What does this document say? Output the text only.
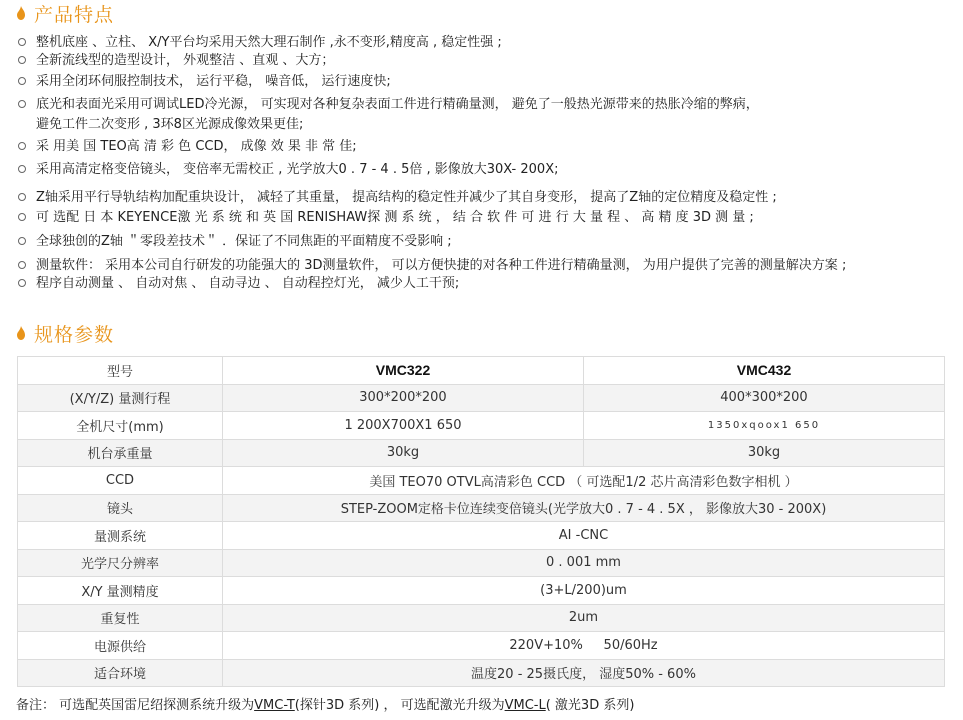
产品特点
整机底座 、立柱、 X/Y平台均采用天然大理石制作 ,永不变形,精度高 , 稳定性强 ;
全新流线型的造型设计， 外观整洁 、直观 、大方；
采用全闭环伺服控制技术， 运行平稳， 噪音低， 运行速度快;
底光和表面光采用可调试LED冷光源， 可实现对各种复杂表面工件进行精确量测， 避免了一般热光源带来的热胀冷缩的弊病，
避免工件二次变形 , 3环8区光源成像效果更佳;
采 用美 国 TEO高 清 彩 色 CCD， 成像 效 果 非 常 佳;
采用高清定格变倍镜头， 变倍率无需校正 , 光学放大0 . 7 - 4 . 5倍 , 影像放大30X- 200X;
Z轴采用平行导轨结构加配重块设计， 减轻了其重量， 提高结构的稳定性并减少了其自身变形， 提高了Z轴的定位精度及稳定性 ;
可 选配 日 本 KEYENCE激 光 系 统 和 英 国 RENISHAW探 测 系 统 ， 结 合 软 件 可 进 行 大 量 程 、 高 精 度 3D 测 量 ;
全球独创的Z轴 ＂零段差技术＂ ．保证了不同焦距的平面精度不受影响 ;
测量软件： 采用本公司自行研发的功能强大的 3D测量软件， 可以方便快捷的对各种工件进行精确量测， 为用户提供了完善的测量解决方案 ;
程序自动测量 、 自动对焦 、 自动寻边 、 自动程控灯光， 减少人工干预;
规格参数
型号	VMC322	VMC432
(X/Y/Z) 量测行程	300*200*200	400*300*200
全机尺寸(mm)	1 200X700X1 650	1350xqoox1 650
机台承重量	30kg	30kg
CCD	美国 TEO70 OTVL高清彩色 CCD （ 可选配1/2 芯片高清彩色数字相机 ）	
镜头	STEP-ZOOM定格卡位连续变倍镜头(光学放大0 . 7 - 4 . 5X ， 影像放大30 - 200X)	
量测系统	AI -CNC	
光学尺分辨率	0 . 001 mm	
X/Y 量测精度	(3+L/200)um	
重复性	2um	
电源供给	220V+10%     50/60Hz	
适合环境	温度20 - 25摄氏度， 湿度50% - 60%	
备注： 可选配英国雷尼绍探测系统升级为VMC-T(探针3D 系列) ， 可选配激光升级为VMC-L( 激光3D 系列)
